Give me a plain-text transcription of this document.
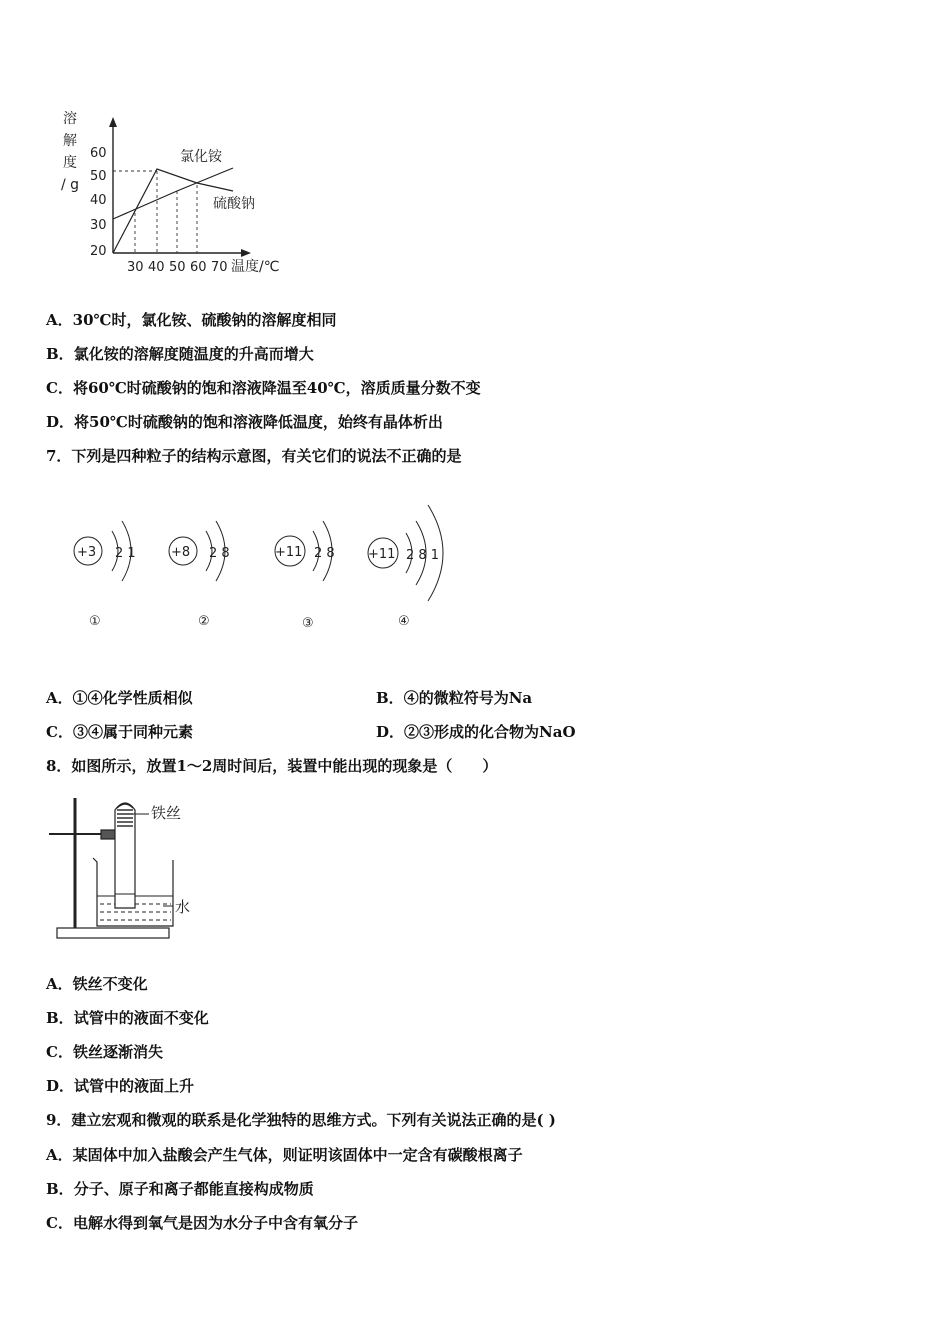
溶
解
度
/ g
60
50
40
30
20
30 40 50 60 70 温度/℃
氯化铵
硫酸钠
A．30℃时，氯化铵、硫酸钠的溶解度相同
B．氯化铵的溶解度随温度的升高而增大
C．将60℃时硫酸钠的饱和溶液降温至40℃，溶质质量分数不变
D．将50℃时硫酸钠的饱和溶液降低温度，始终有晶体析出
7．下列是四种粒子的结构示意图，有关它们的说法不正确的是
+3 2 1
①
+8 2 8
②
+11 2 8
③
+11 2 8 1
④
A．①④化学性质相似	B．④的微粒符号为Na
C．③④属于同种元素	D．②③形成的化合物为NaO
8．如图所示，放置1～2周时间后，装置中能出现的现象是（　　）
铁丝
水
A．铁丝不变化
B．试管中的液面不变化
C．铁丝逐渐消失
D．试管中的液面上升
9．建立宏观和微观的联系是化学独特的思维方式。下列有关说法正确的是( )
A．某固体中加入盐酸会产生气体，则证明该固体中一定含有碳酸根离子
B．分子、原子和离子都能直接构成物质
C．电解水得到氧气是因为水分子中含有氧分子
